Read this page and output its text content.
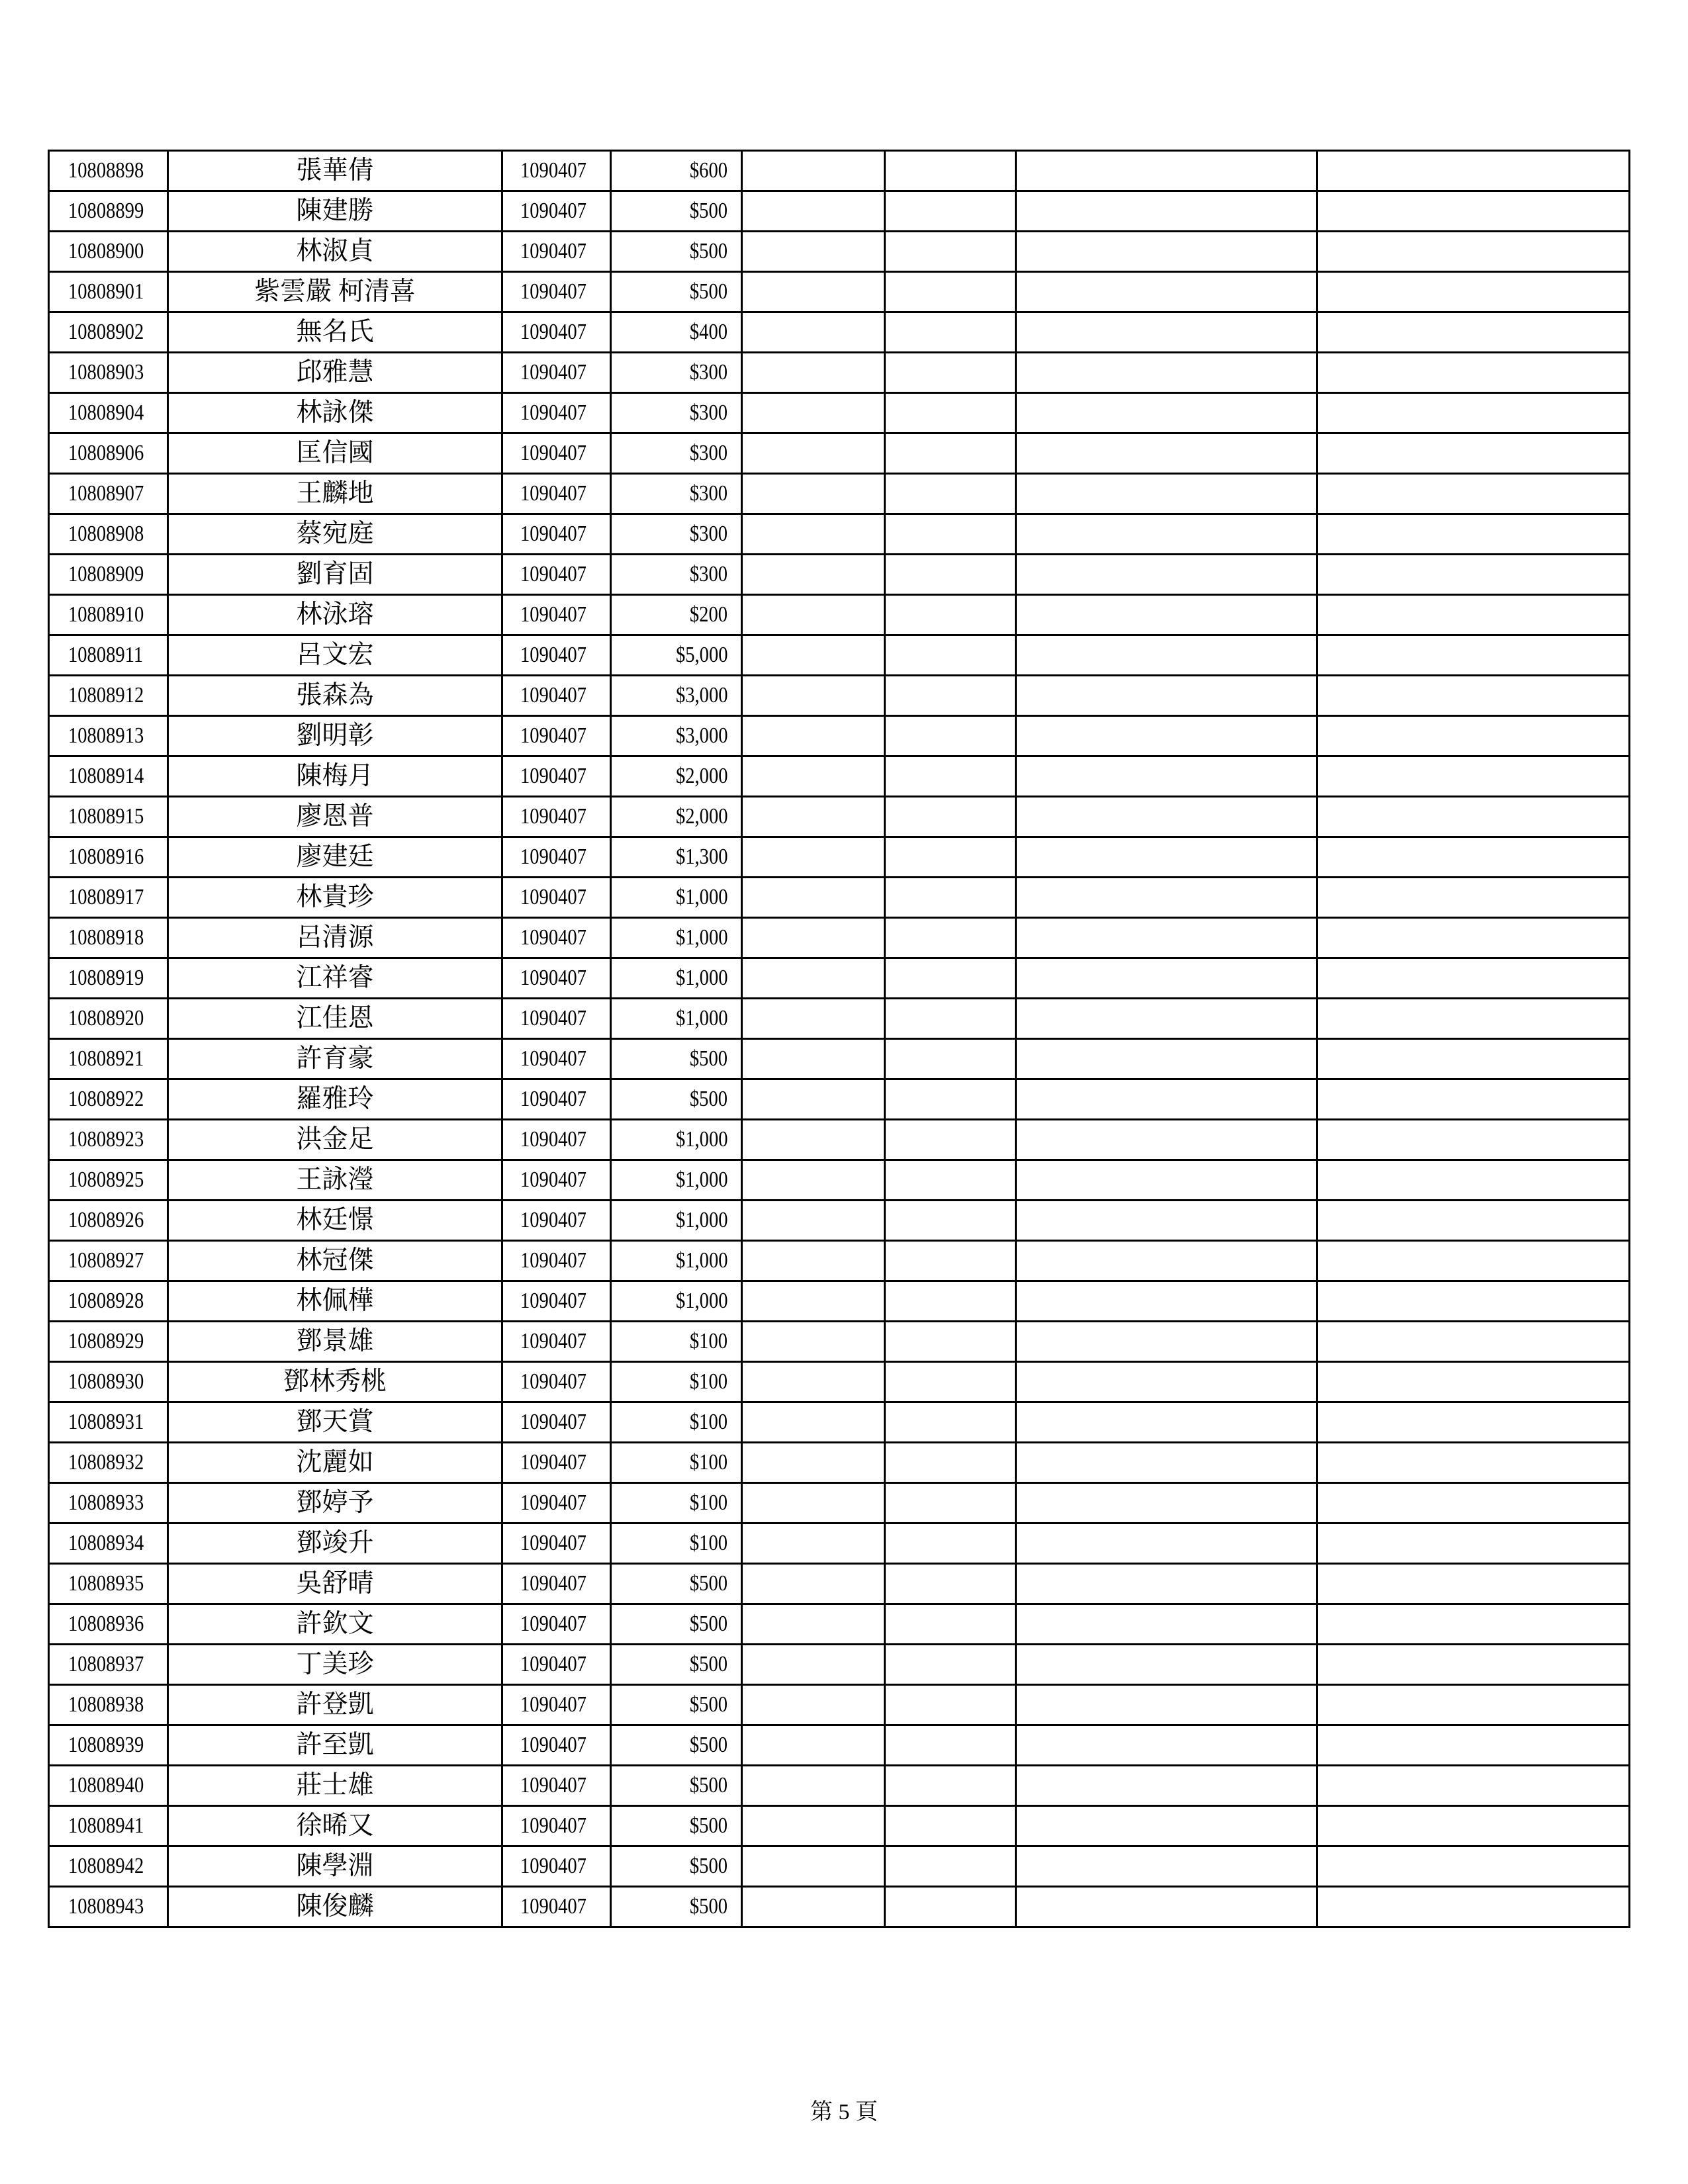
10808898	張華倩	1090407	$600				
10808899	陳建勝	1090407	$500				
10808900	林淑貞	1090407	$500				
10808901	紫雲嚴 柯清喜	1090407	$500				
10808902	無名氏	1090407	$400				
10808903	邱雅慧	1090407	$300				
10808904	林詠傑	1090407	$300				
10808906	匡信國	1090407	$300				
10808907	王麟地	1090407	$300				
10808908	蔡宛庭	1090407	$300				
10808909	劉育固	1090407	$300				
10808910	林泳瑢	1090407	$200				
10808911	呂文宏	1090407	$5,000				
10808912	張森為	1090407	$3,000				
10808913	劉明彰	1090407	$3,000				
10808914	陳梅月	1090407	$2,000				
10808915	廖恩普	1090407	$2,000				
10808916	廖建廷	1090407	$1,300				
10808917	林貴珍	1090407	$1,000				
10808918	呂清源	1090407	$1,000				
10808919	江祥睿	1090407	$1,000				
10808920	江佳恩	1090407	$1,000				
10808921	許育豪	1090407	$500				
10808922	羅雅玲	1090407	$500				
10808923	洪金足	1090407	$1,000				
10808925	王詠瀅	1090407	$1,000				
10808926	林廷憬	1090407	$1,000				
10808927	林冠傑	1090407	$1,000				
10808928	林佩樺	1090407	$1,000				
10808929	鄧景雄	1090407	$100				
10808930	鄧林秀桃	1090407	$100				
10808931	鄧天賞	1090407	$100				
10808932	沈麗如	1090407	$100				
10808933	鄧婷予	1090407	$100				
10808934	鄧竣升	1090407	$100				
10808935	吳舒晴	1090407	$500				
10808936	許欽文	1090407	$500				
10808937	丁美珍	1090407	$500				
10808938	許登凱	1090407	$500				
10808939	許至凱	1090407	$500				
10808940	莊士雄	1090407	$500				
10808941	徐晞又	1090407	$500				
10808942	陳學淵	1090407	$500				
10808943	陳俊麟	1090407	$500				
第 5 頁
